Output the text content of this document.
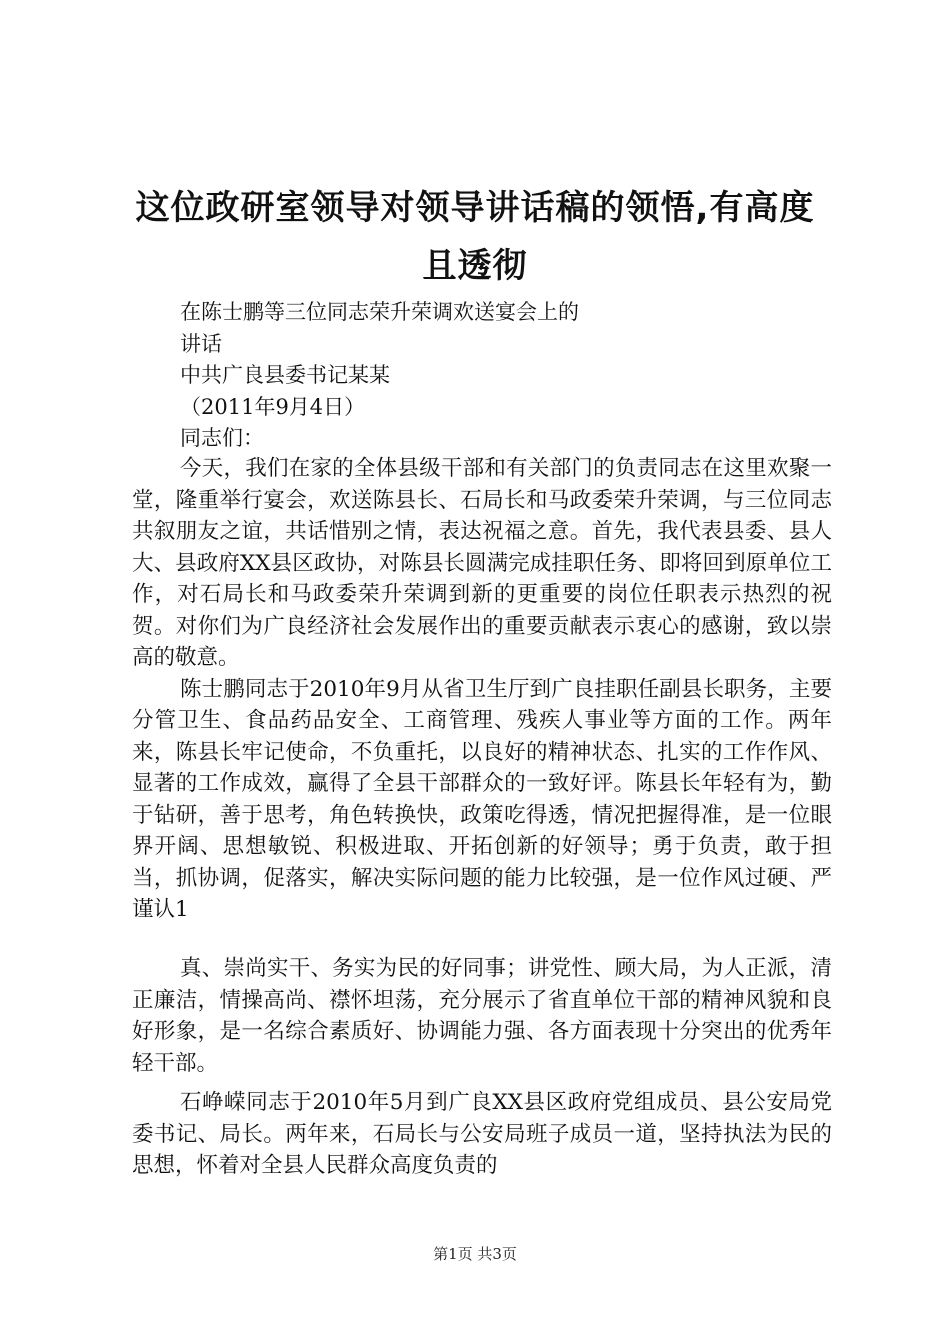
这位政研室领导对领导讲话稿的领悟,有高度
且透彻
在陈士鹏等三位同志荣升荣调欢送宴会上的
讲话
中共广良县委书记某某
（2011年9月4日）
同志们：

今天，我们在家的全体县级干部和有关部门的负责同志在这里欢聚一堂，隆重举行宴会，欢送陈县长、石局长和马政委荣升荣调，与三位同志共叙朋友之谊，共话惜别之情，表达祝福之意。首先，我代表县委、县人大、县政府XX县区政协，对陈县长圆满完成挂职任务、即将回到原单位工作，对石局长和马政委荣升荣调到新的更重要的岗位任职表示热烈的祝贺。对你们为广良经济社会发展作出的重要贡献表示衷心的感谢，致以崇高的敬意。

陈士鹏同志于2010年9月从省卫生厅到广良挂职任副县长职务，主要分管卫生、食品药品安全、工商管理、残疾人事业等方面的工作。两年来，陈县长牢记使命，不负重托，以良好的精神状态、扎实的工作作风、显著的工作成效，赢得了全县干部群众的一致好评。陈县长年轻有为，勤于钻研，善于思考，角色转换快，政策吃得透，情况把握得准，是一位眼界开阔、思想敏锐、积极进取、开拓创新的好领导；勇于负责，敢于担当，抓协调，促落实，解决实际问题的能力比较强，是一位作风过硬、严谨认1

真、崇尚实干、务实为民的好同事；讲党性、顾大局，为人正派，清正廉洁，情操高尚、襟怀坦荡，充分展示了省直单位干部的精神风貌和良好形象，是一名综合素质好、协调能力强、各方面表现十分突出的优秀年轻干部。

石峥嵘同志于2010年5月到广良XX县区政府党组成员、县公安局党委书记、局长。两年来，石局长与公安局班子成员一道，坚持执法为民的思想，怀着对全县人民群众高度负责的

第1页 共3页
